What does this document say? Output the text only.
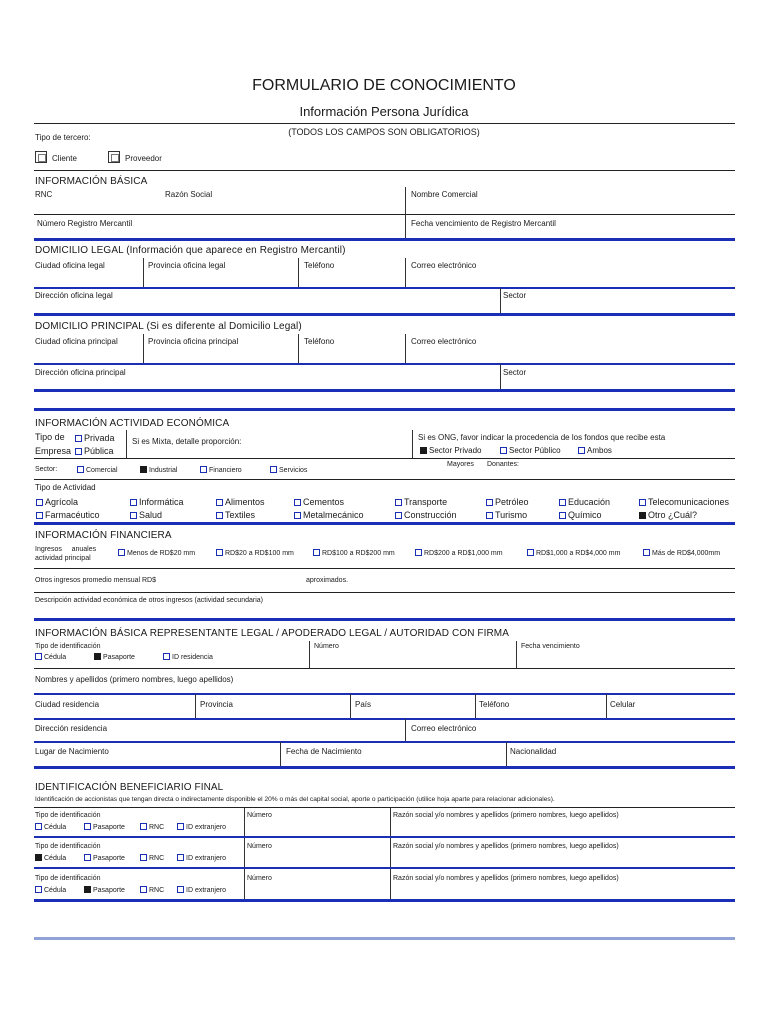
FORMULARIO DE CONOCIMIENTO
Información Persona Jurídica
(TODOS LOS CAMPOS SON OBLIGATORIOS)
Tipo de tercero:
Cliente	Proveedor
INFORMACIÓN BÁSICA
RNC	Razón Social	Nombre Comercial
Número Registro Mercantil	Fecha vencimiento de Registro Mercantil
DOMICILIO LEGAL (Información que aparece en Registro Mercantil)
Ciudad oficina legal	Provincia oficina legal	Teléfono	Correo electrónico
Dirección oficina legal	Sector
DOMICILIO PRINCIPAL (Si es diferente al Domicilio Legal)
Ciudad oficina principal	Provincia oficina principal	Teléfono	Correo electrónico
Dirección oficina principal	Sector
INFORMACIÓN ACTIVIDAD ECONÓMICA
Tipo de	Privada
Empresa	Pública
Si es Mixta, detalle proporción:	Si es ONG, favor indicar la procedencia de los fondos que recibe esta
Sector Privado	Sector Público	Ambos
Mayores Donantes:
Sector:	Comercial	Industrial	Financiero	Servicios
Tipo de Actividad
Agrícola	Informática	Alimentos	Cementos	Transporte	Petróleo	Educación	Telecomunicaciones
Farmacéutico	Salud	Textiles	Metalmecánico	Construcción	Turismo	Químico	Otro ¿Cuál?
INFORMACIÓN FINANCIERA
Ingresos     anuales
actividad principal
Menos de RD$20 mm	RD$20 a RD$100 mm	RD$100 a RD$200 mm	RD$200 a RD$1,000 mm	RD$1,000 a RD$4,000 mm	Más de RD$4,000mm
Otros ingresos promedio mensual RD$	aproximados.
Descripción actividad económica de otros ingresos (actividad secundaria)
INFORMACIÓN BÁSICA REPRESENTANTE LEGAL / APODERADO LEGAL / AUTORIDAD CON FIRMA
Tipo de identificación
Cédula	Pasaporte	ID residencia
Número	Fecha vencimiento
Nombres y apellidos (primero nombres, luego apellidos)
Ciudad residencia	Provincia	País	Teléfono	Celular
Dirección residencia	Correo electrónico
Lugar de Nacimiento	Fecha de Nacimiento	Nacionalidad
IDENTIFICACIÓN BENEFICIARIO FINAL
Identificación de accionistas que tengan directa o indirectamente disponible el 20% o más del capital social, aporte o participación (utilice hoja aparte para relacionar adicionales).
Tipo de identificación
Cédula	Pasaporte	RNC	ID extranjero
Número	Razón social y/o nombres y apellidos (primero nombres, luego apellidos)
Tipo de identificación
Cédula	Pasaporte	RNC	ID extranjero
Número	Razón social y/o nombres y apellidos (primero nombres, luego apellidos)
Tipo de identificación
Cédula	Pasaporte	RNC	ID extranjero
Número	Razón social y/o nombres y apellidos (primero nombres, luego apellidos)
